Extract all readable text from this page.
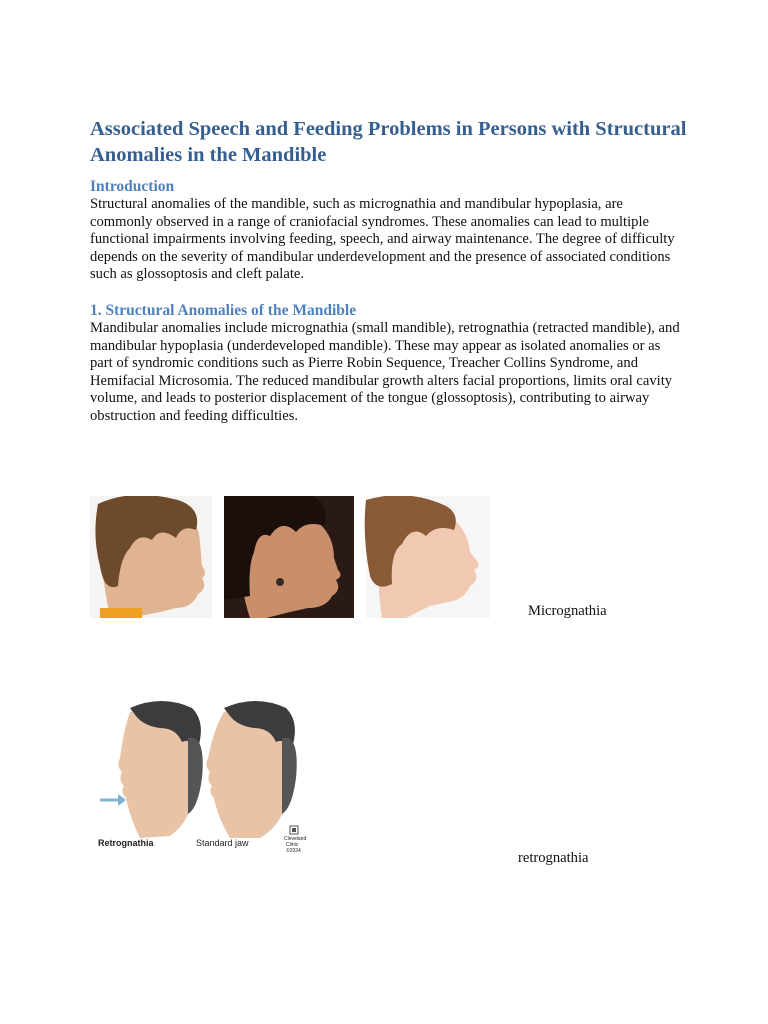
Associated Speech and Feeding Problems in Persons with Structural Anomalies in the Mandible
Introduction

Structural anomalies of the mandible, such as micrognathia and mandibular hypoplasia, are commonly observed in a range of craniofacial syndromes. These anomalies can lead to multiple functional impairments involving feeding, speech, and airway maintenance. The degree of difficulty depends on the severity of mandibular underdevelopment and the presence of associated conditions such as glossoptosis and cleft palate.

1. Structural Anomalies of the Mandible

Mandibular anomalies include micrognathia (small mandible), retrognathia (retracted mandible), and mandibular hypoplasia (underdeveloped mandible). These may appear as isolated anomalies or as part of syndromic conditions such as Pierre Robin Sequence, Treacher Collins Syndrome, and Hemifacial Microsomia. The reduced mandibular growth alters facial proportions, limits oral cavity volume, and leads to posterior displacement of the tongue (glossoptosis), contributing to airway obstruction and feeding difficulties.

Micrognathia
Retrognathia	Standard jaw	Cleveland
Clinic
©2024	retrognathia
